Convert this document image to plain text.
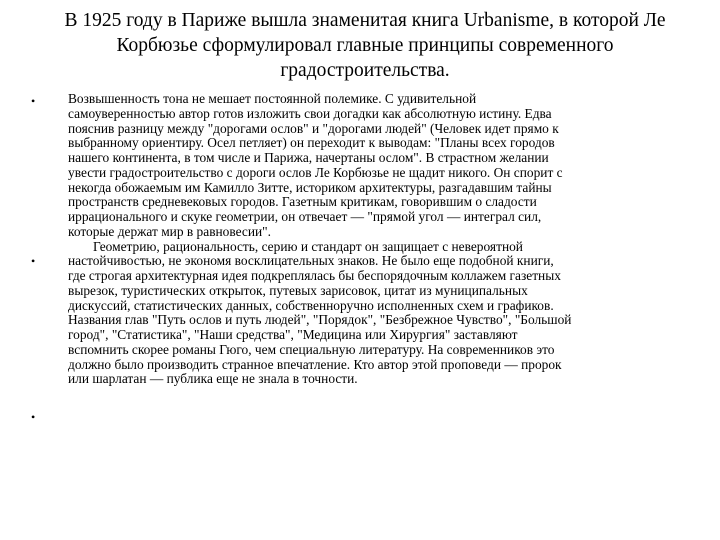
В 1925 году в Париже вышла знаменитая книга Urbanisme, в которой Ле
Корбюзье сформулировал главные принципы современного
градостроительства.
•
•
•
Возвышенность тона не мешает постоянной полемике. С удивительной
самоуверенностью автор готов изложить свои догадки как абсолютную истину. Едва
пояснив разницу между "дорогами ослов" и "дорогами людей" (Человек идет прямо к
выбранному ориентиру. Осел петляет) он переходит к выводам: "Планы всех городов
нашего континента, в том числе и Парижа, начертаны ослом". В страстном желании
увести градостроительство с дороги ослов Ле Корбюзье не щадит никого. Он спорит с
некогда обожаемым им Камилло Зитте, историком архитектуры, разгадавшим тайны
пространств средневековых городов. Газетным критикам, говорившим о сладости
иррационального и скуке геометрии, он отвечает — "прямой угол — интеграл сил,
которые держат мир в равновесии".
Геометрию, рациональность, серию и стандарт он защищает с невероятной
настойчивостью, не экономя восклицательных знаков. Не было еще подобной книги,
где строгая архитектурная идея подкреплялась бы беспорядочным коллажем газетных
вырезок, туристических открыток, путевых зарисовок, цитат из муниципальных
дискуссий, статистических данных, собственноручно исполненных схем и графиков.
Названия глав "Путь ослов и путь людей", "Порядок", "Безбрежное Чувство", "Большой
город", "Статистика", "Наши средства", "Медицина или Хирургия" заставляют
вспомнить скорее романы Гюго, чем специальную литературу. На современников это
должно было производить странное впечатление. Кто автор этой проповеди — пророк
или шарлатан — публика еще не знала в точности.
